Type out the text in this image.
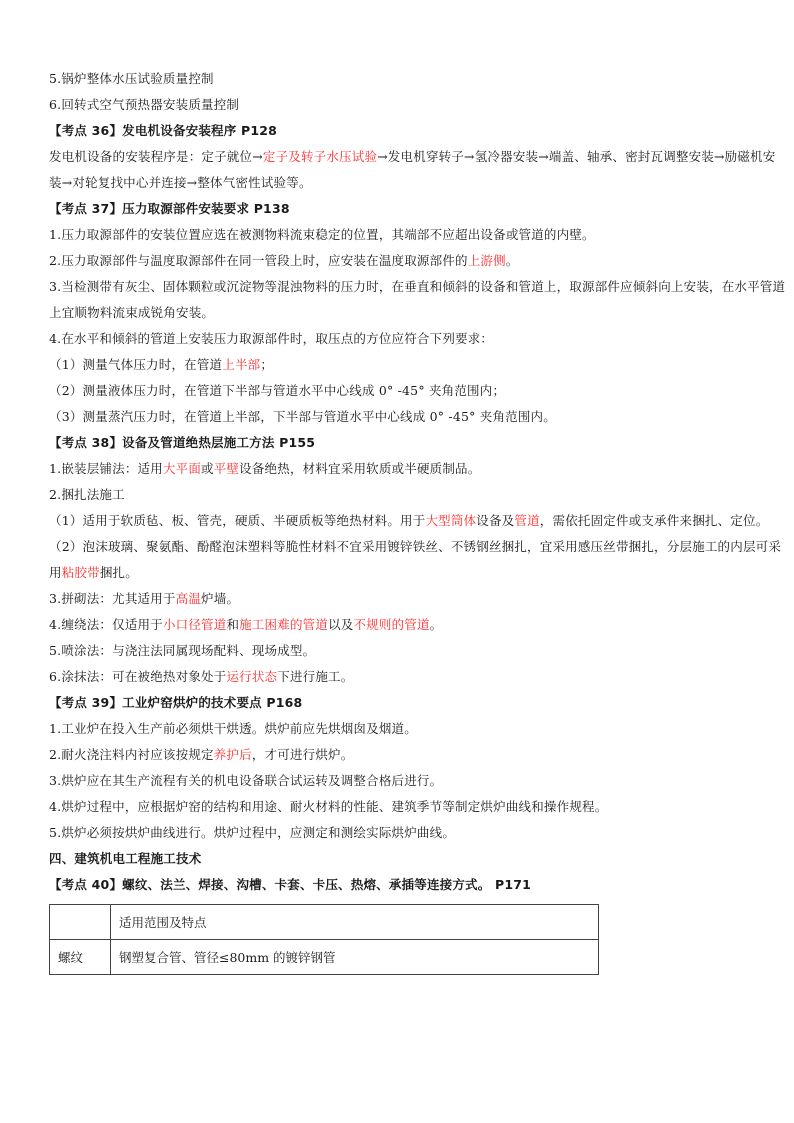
5.锅炉整体水压试验质量控制
6.回转式空气预热器安装质量控制
【考点 36】发电机设备安装程序 P128
发电机设备的安装程序是：定子就位→定子及转子水压试验→发电机穿转子→氢冷器安装→端盖、轴承、密封瓦调整安装→励磁机安
装→对轮复找中心并连接→整体气密性试验等。
【考点 37】压力取源部件安装要求 P138
1.压力取源部件的安装位置应选在被测物料流束稳定的位置，其端部不应超出设备或管道的内壁。
2.压力取源部件与温度取源部件在同一管段上时，应安装在温度取源部件的上游侧。
3.当检测带有灰尘、固体颗粒或沉淀物等混浊物料的压力时，在垂直和倾斜的设备和管道上，取源部件应倾斜向上安装，在水平管道
上宜顺物料流束成锐角安装。
4.在水平和倾斜的管道上安装压力取源部件时，取压点的方位应符合下列要求：
（1）测量气体压力时，在管道上半部；
（2）测量液体压力时，在管道下半部与管道水平中心线成 0° -45° 夹角范围内；
（3）测量蒸汽压力时，在管道上半部，下半部与管道水平中心线成 0° -45° 夹角范围内。
【考点 38】设备及管道绝热层施工方法 P155
1.嵌装层铺法：适用大平面或平壁设备绝热，材料宜采用软质或半硬质制品。
2.捆扎法施工
（1）适用于软质毡、板、管壳，硬质、半硬质板等绝热材料。用于大型筒体设备及管道，需依托固定件或支承件来捆扎、定位。
（2）泡沫玻璃、聚氨酯、酚醛泡沫塑料等脆性材料不宜采用镀锌铁丝、不锈钢丝捆扎，宜采用感压丝带捆扎，分层施工的内层可采
用粘胶带捆扎。
3.拼砌法：尤其适用于高温炉墙。
4.缠绕法：仅适用于小口径管道和施工困难的管道以及不规则的管道。
5.喷涂法：与浇注法同属现场配料、现场成型。
6.涂抹法：可在被绝热对象处于运行状态下进行施工。
【考点 39】工业炉窑烘炉的技术要点 P168
1.工业炉在投入生产前必须烘干烘透。烘炉前应先烘烟囱及烟道。
2.耐火浇注料内衬应该按规定养护后，才可进行烘炉。
3.烘炉应在其生产流程有关的机电设备联合试运转及调整合格后进行。
4.烘炉过程中，应根据炉窑的结构和用途、耐火材料的性能、建筑季节等制定烘炉曲线和操作规程。
5.烘炉必须按烘炉曲线进行。烘炉过程中，应测定和测绘实际烘炉曲线。
四、建筑机电工程施工技术
【考点 40】螺纹、法兰、焊接、沟槽、卡套、卡压、热熔、承插等连接方式。 P171
	适用范围及特点
螺纹	钢塑复合管、管径≤80mm 的镀锌钢管
